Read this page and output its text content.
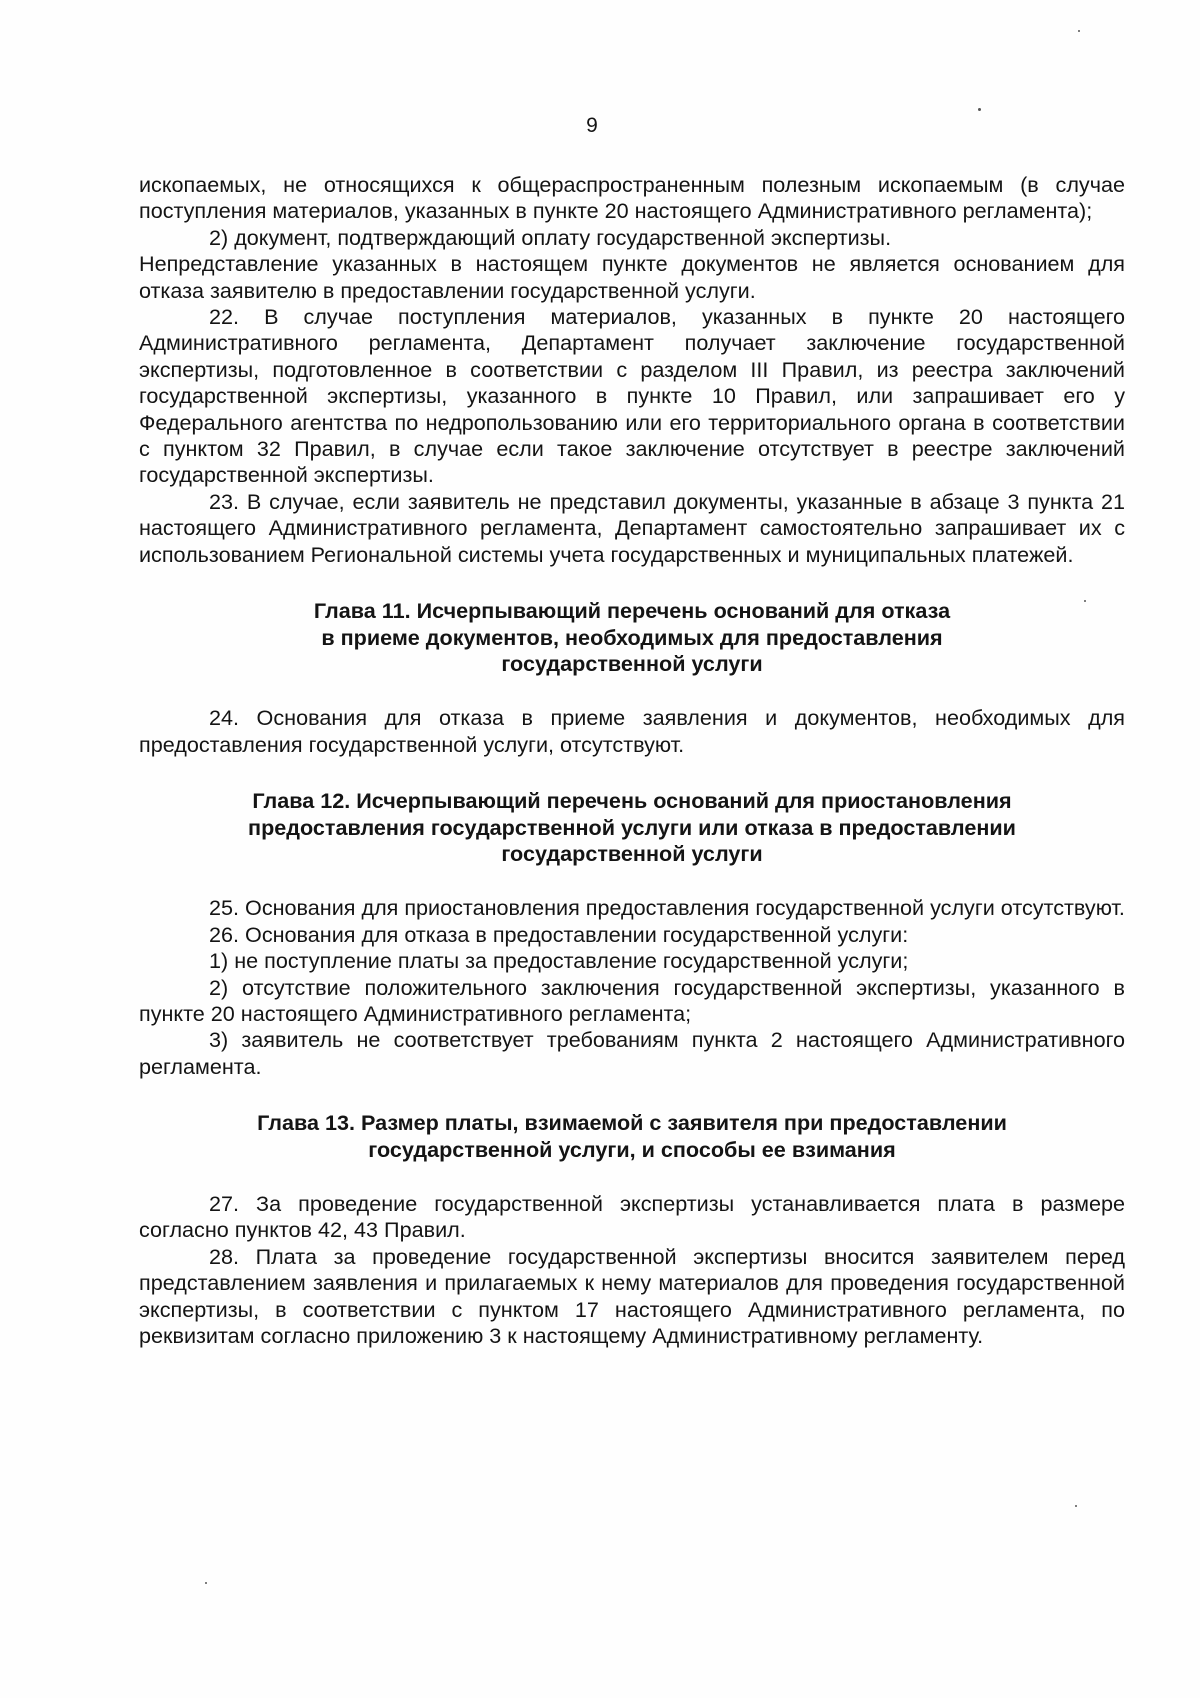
9

ископаемых, не относящихся к общераспространенным полезным ископаемым (в случае поступления материалов, указанных в пункте 20 настоящего Административного регламента);

2) документ, подтверждающий оплату государственной экспертизы.

Непредставление указанных в настоящем пункте документов не является основанием для отказа заявителю в предоставлении государственной услуги.

22. В случае поступления материалов, указанных в пункте 20 настоящего Административного регламента, Департамент получает заключение государственной экспертизы, подготовленное в соответствии с разделом III Правил, из реестра заключений государственной экспертизы, указанного в пункте 10 Правил, или запрашивает его у Федерального агентства по недропользованию или его территориального органа в соответствии с пунктом 32 Правил, в случае если такое заключение отсутствует в реестре заключений государственной экспертизы.

23. В случае, если заявитель не представил документы, указанные в абзаце 3 пункта 21 настоящего Административного регламента, Департамент самостоятельно запрашивает их с использованием Региональной системы учета государственных и муниципальных платежей.

Глава 11. Исчерпывающий перечень оснований для отказа
в приеме документов, необходимых для предоставления
государственной услуги

24. Основания для отказа в приеме заявления и документов, необходимых для предоставления государственной услуги, отсутствуют.

Глава 12. Исчерпывающий перечень оснований для приостановления
предоставления государственной услуги или отказа в предоставлении
государственной услуги

25. Основания для приостановления предоставления государственной услуги отсутствуют.

26. Основания для отказа в предоставлении государственной услуги:

1) не поступление платы за предоставление государственной услуги;

2) отсутствие положительного заключения государственной экспертизы, указанного в пункте 20 настоящего Административного регламента;

3) заявитель не соответствует требованиям пункта 2 настоящего Административного регламента.

Глава 13. Размер платы, взимаемой с заявителя при предоставлении
государственной услуги, и способы ее взимания

27. За проведение государственной экспертизы устанавливается плата в размере согласно пунктов 42, 43 Правил.

28. Плата за проведение государственной экспертизы вносится заявителем перед представлением заявления и прилагаемых к нему материалов для проведения государственной экспертизы, в соответствии с пунктом 17 настоящего Административного регламента, по реквизитам согласно приложению 3 к настоящему Административному регламенту.
